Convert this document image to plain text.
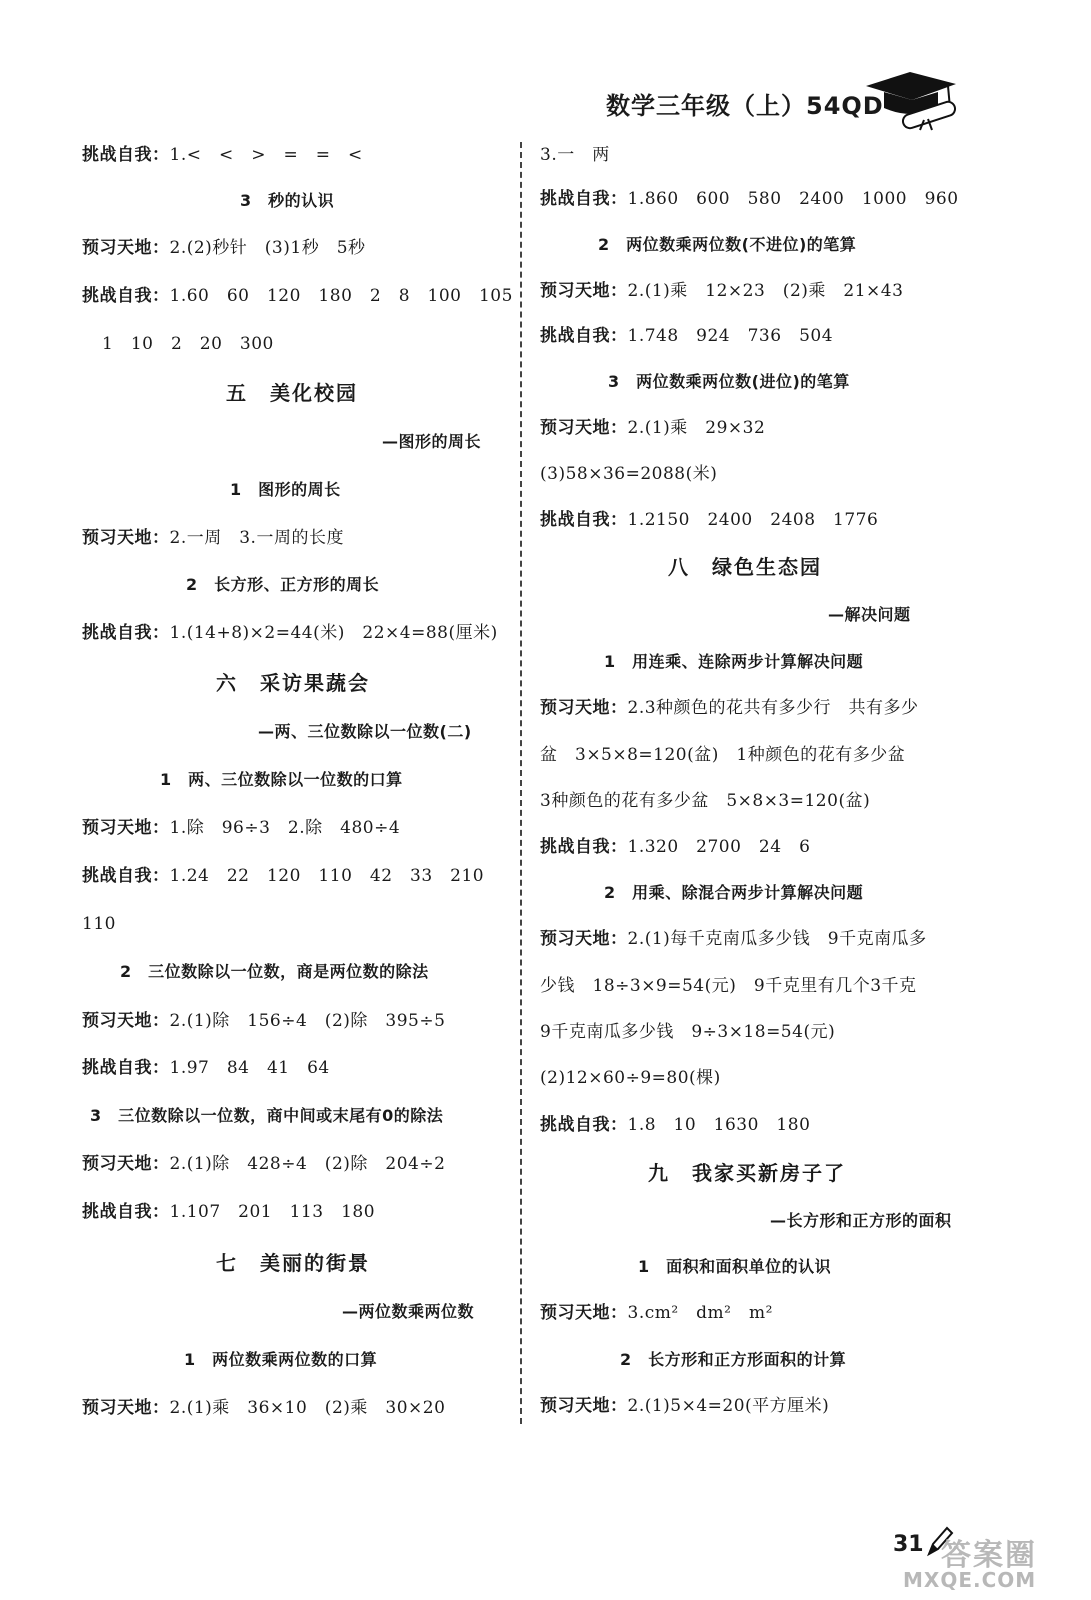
数学三年级（上）54QD
挑战自我：1.<　<　>　=　=　<
3　秒的认识
预习天地：2.(2)秒针　(3)1秒　5秒
挑战自我：1.60　60　120　180　2　8　100　105
1　10　2　20　300
五　美化校园
—图形的周长
1　图形的周长
预习天地：2.一周　3.一周的长度
2　长方形、正方形的周长
挑战自我：1.(14+8)×2=44(米)　22×4=88(厘米)
六　采访果蔬会
—两、三位数除以一位数(二)
1　两、三位数除以一位数的口算
预习天地：1.除　96÷3　2.除　480÷4
挑战自我：1.24　22　120　110　42　33　210
110
2　三位数除以一位数，商是两位数的除法
预习天地：2.(1)除　156÷4　(2)除　395÷5
挑战自我：1.97　84　41　64
3　三位数除以一位数，商中间或末尾有0的除法
预习天地：2.(1)除　428÷4　(2)除　204÷2
挑战自我：1.107　201　113　180
七　美丽的街景
—两位数乘两位数
1　两位数乘两位数的口算
预习天地：2.(1)乘　36×10　(2)乘　30×20
3.一　两
挑战自我：1.860　600　580　2400　1000　960
2　两位数乘两位数(不进位)的笔算
预习天地：2.(1)乘　12×23　(2)乘　21×43
挑战自我：1.748　924　736　504
3　两位数乘两位数(进位)的笔算
预习天地：2.(1)乘　29×32
(3)58×36=2088(米)
挑战自我：1.2150　2400　2408　1776
八　绿色生态园
—解决问题
1　用连乘、连除两步计算解决问题
预习天地：2.3种颜色的花共有多少行　共有多少
盆　3×5×8=120(盆)　1种颜色的花有多少盆
3种颜色的花有多少盆　5×8×3=120(盆)
挑战自我：1.320　2700　24　6
2　用乘、除混合两步计算解决问题
预习天地：2.(1)每千克南瓜多少钱　9千克南瓜多
少钱　18÷3×9=54(元)　9千克里有几个3千克
9千克南瓜多少钱　9÷3×18=54(元)
(2)12×60÷9=80(棵)
挑战自我：1.8　10　1630　180
九　我家买新房子了
—长方形和正方形的面积
1　面积和面积单位的认识
预习天地：3.cm²　dm²　m²
2　长方形和正方形面积的计算
预习天地：2.(1)5×4=20(平方厘米)
31 答案圈
MXQE.COM
